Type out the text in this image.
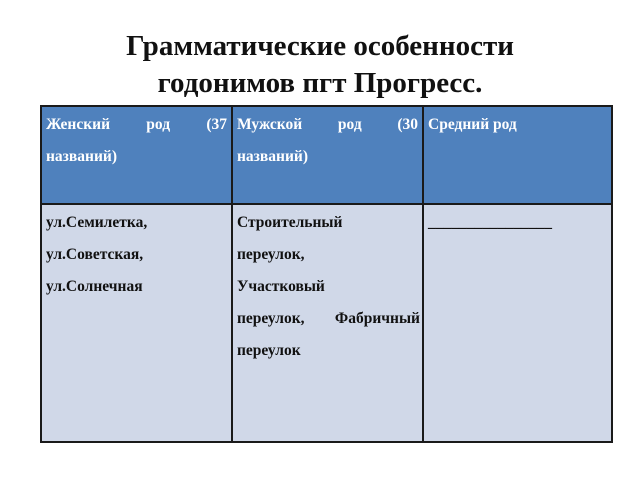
Грамматические особенности
годонимов пгт Прогресс.
Женский род (37
названий)
Мужской род (30
названий)
Средний род
ул.Семилетка,
ул.Советская,
ул.Солнечная
Строительный
переулок,
Участковый
переулок, Фабричный
переулок
________________
